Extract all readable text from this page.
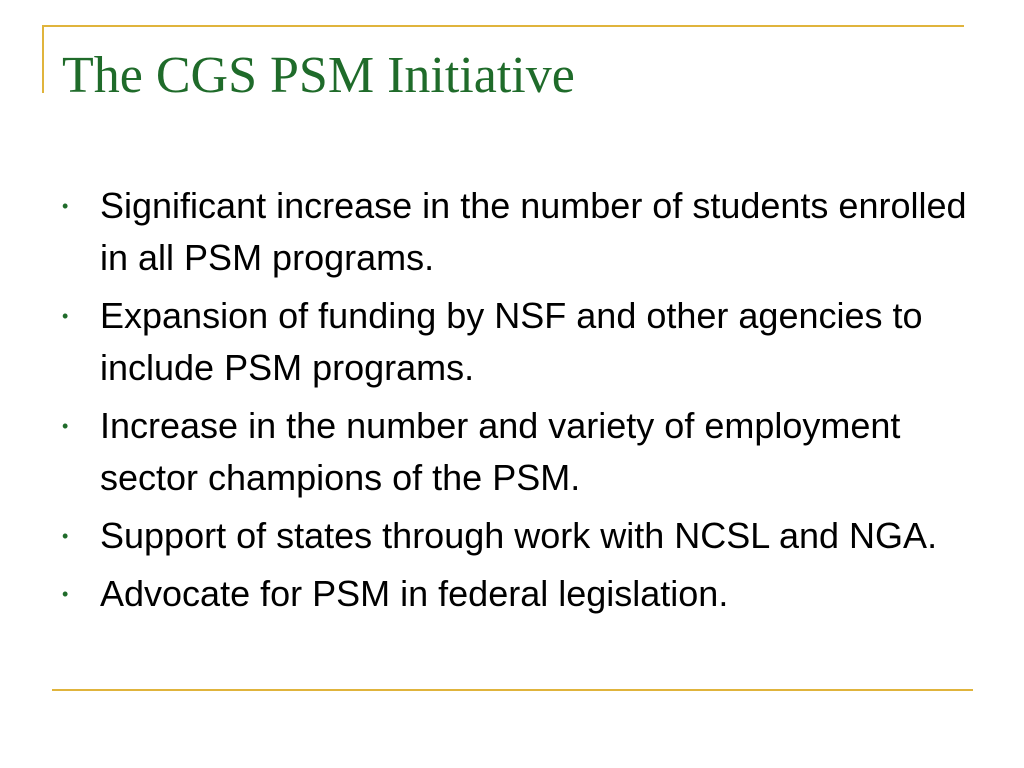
The CGS PSM Initiative
• Significant increase in the number of students enrolled in all PSM programs.
• Expansion of funding by NSF and other agencies to include PSM programs.
• Increase in the number and variety of employment sector champions of the PSM.
• Support of states through work with NCSL and NGA.
• Advocate for PSM in federal legislation.
